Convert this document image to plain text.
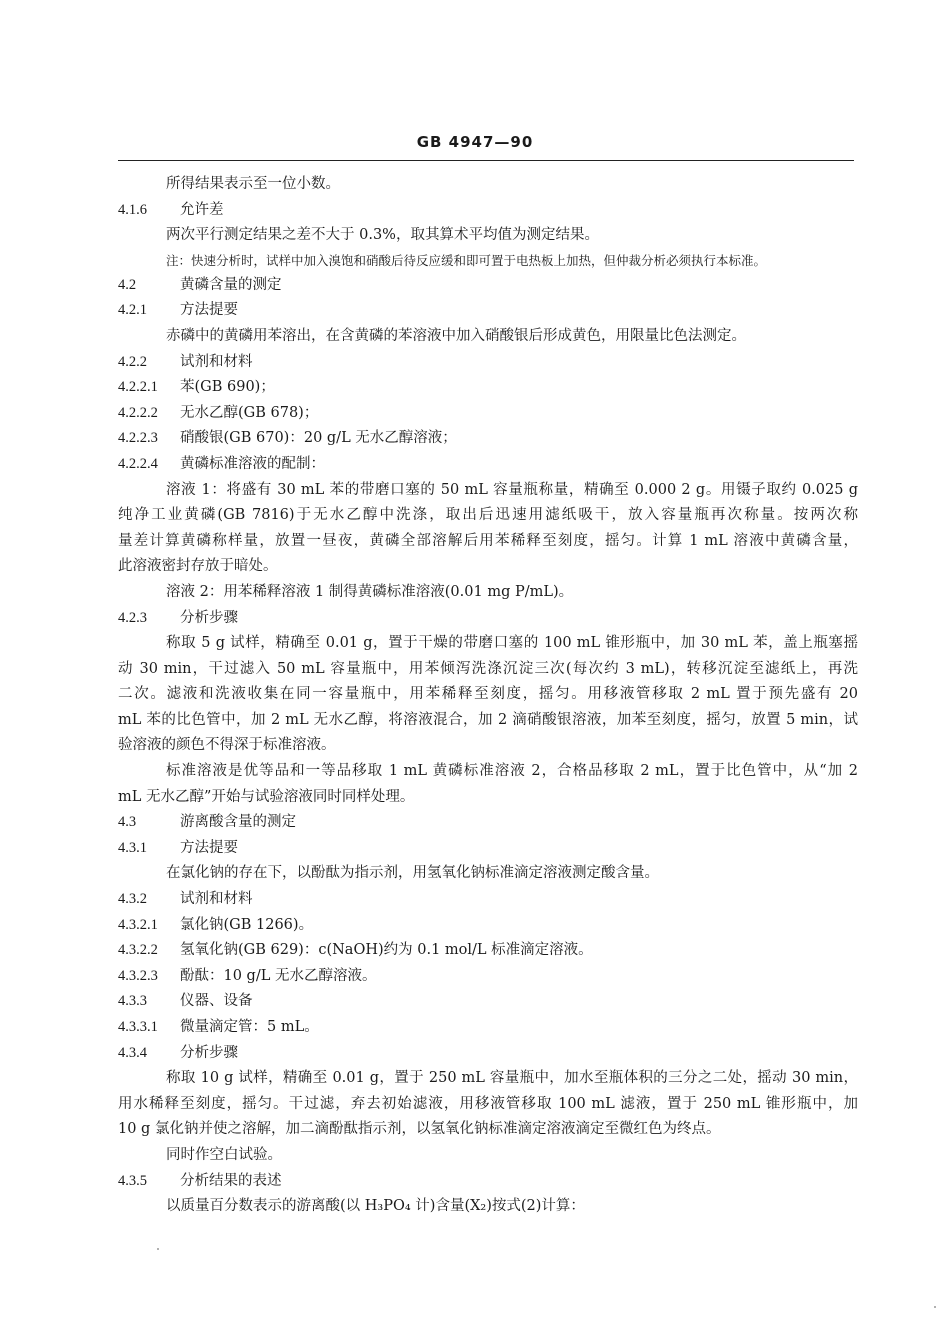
GB 4947—90
所得结果表示至一位小数。
4.1.6 允许差
两次平行测定结果之差不大于 0.3%，取其算术平均值为测定结果。
注：快速分析时，试样中加入溴饱和硝酸后待反应缓和即可置于电热板上加热，但仲裁分析必须执行本标准。
4.2	黄磷含量的测定
4.2.1 方法提要
赤磷中的黄磷用苯溶出，在含黄磷的苯溶液中加入硝酸银后形成黄色，用限量比色法测定。
4.2.2 试剂和材料
4.2.2.1 苯(GB 690)；
4.2.2.2 无水乙醇(GB 678)；
4.2.2.3 硝酸银(GB 670)：20 g/L 无水乙醇溶液；
4.2.2.4 黄磷标准溶液的配制：
溶液 1：将盛有 30 mL 苯的带磨口塞的 50 mL 容量瓶称量，精确至 0.000 2 g。用镊子取约 0.025 g
纯净工业黄磷(GB 7816)于无水乙醇中洗涤，取出后迅速用滤纸吸干，放入容量瓶再次称量。按两次称
量差计算黄磷称样量，放置一昼夜，黄磷全部溶解后用苯稀释至刻度，摇匀。计算 1 mL 溶液中黄磷含量，
此溶液密封存放于暗处。
溶液 2：用苯稀释溶液 1 制得黄磷标准溶液(0.01 mg P/mL)。
4.2.3 分析步骤
称取 5 g 试样，精确至 0.01 g，置于干燥的带磨口塞的 100 mL 锥形瓶中，加 30 mL 苯，盖上瓶塞摇
动 30 min，干过滤入 50 mL 容量瓶中，用苯倾泻洗涤沉淀三次(每次约 3 mL)，转移沉淀至滤纸上，再洗
二次。滤液和洗液收集在同一容量瓶中，用苯稀释至刻度，摇匀。用移液管移取 2 mL 置于预先盛有 20
mL 苯的比色管中，加 2 mL 无水乙醇，将溶液混合，加 2 滴硝酸银溶液，加苯至刻度，摇匀，放置 5 min，试
验溶液的颜色不得深于标准溶液。
标准溶液是优等品和一等品移取 1 mL 黄磷标准溶液 2，合格品移取 2 mL，置于比色管中，从“加 2
mL 无水乙醇”开始与试验溶液同时同样处理。
4.3	游离酸含量的测定
4.3.1 方法提要
在氯化钠的存在下，以酚酞为指示剂，用氢氧化钠标准滴定溶液测定酸含量。
4.3.2 试剂和材料
4.3.2.1 氯化钠(GB 1266)。
4.3.2.2 氢氧化钠(GB 629)：c(NaOH)约为 0.1 mol/L 标准滴定溶液。
4.3.2.3 酚酞：10 g/L 无水乙醇溶液。
4.3.3 仪器、设备
4.3.3.1 微量滴定管：5 mL。
4.3.4 分析步骤
称取 10 g 试样，精确至 0.01 g，置于 250 mL 容量瓶中，加水至瓶体积的三分之二处，摇动 30 min，
用水稀释至刻度，摇匀。干过滤，弃去初始滤液，用移液管移取 100 mL 滤液，置于 250 mL 锥形瓶中，加
10 g 氯化钠并使之溶解，加二滴酚酞指示剂，以氢氧化钠标准滴定溶液滴定至微红色为终点。
同时作空白试验。
4.3.5 分析结果的表述
以质量百分数表示的游离酸(以 H₃PO₄ 计)含量(X₂)按式(2)计算：
